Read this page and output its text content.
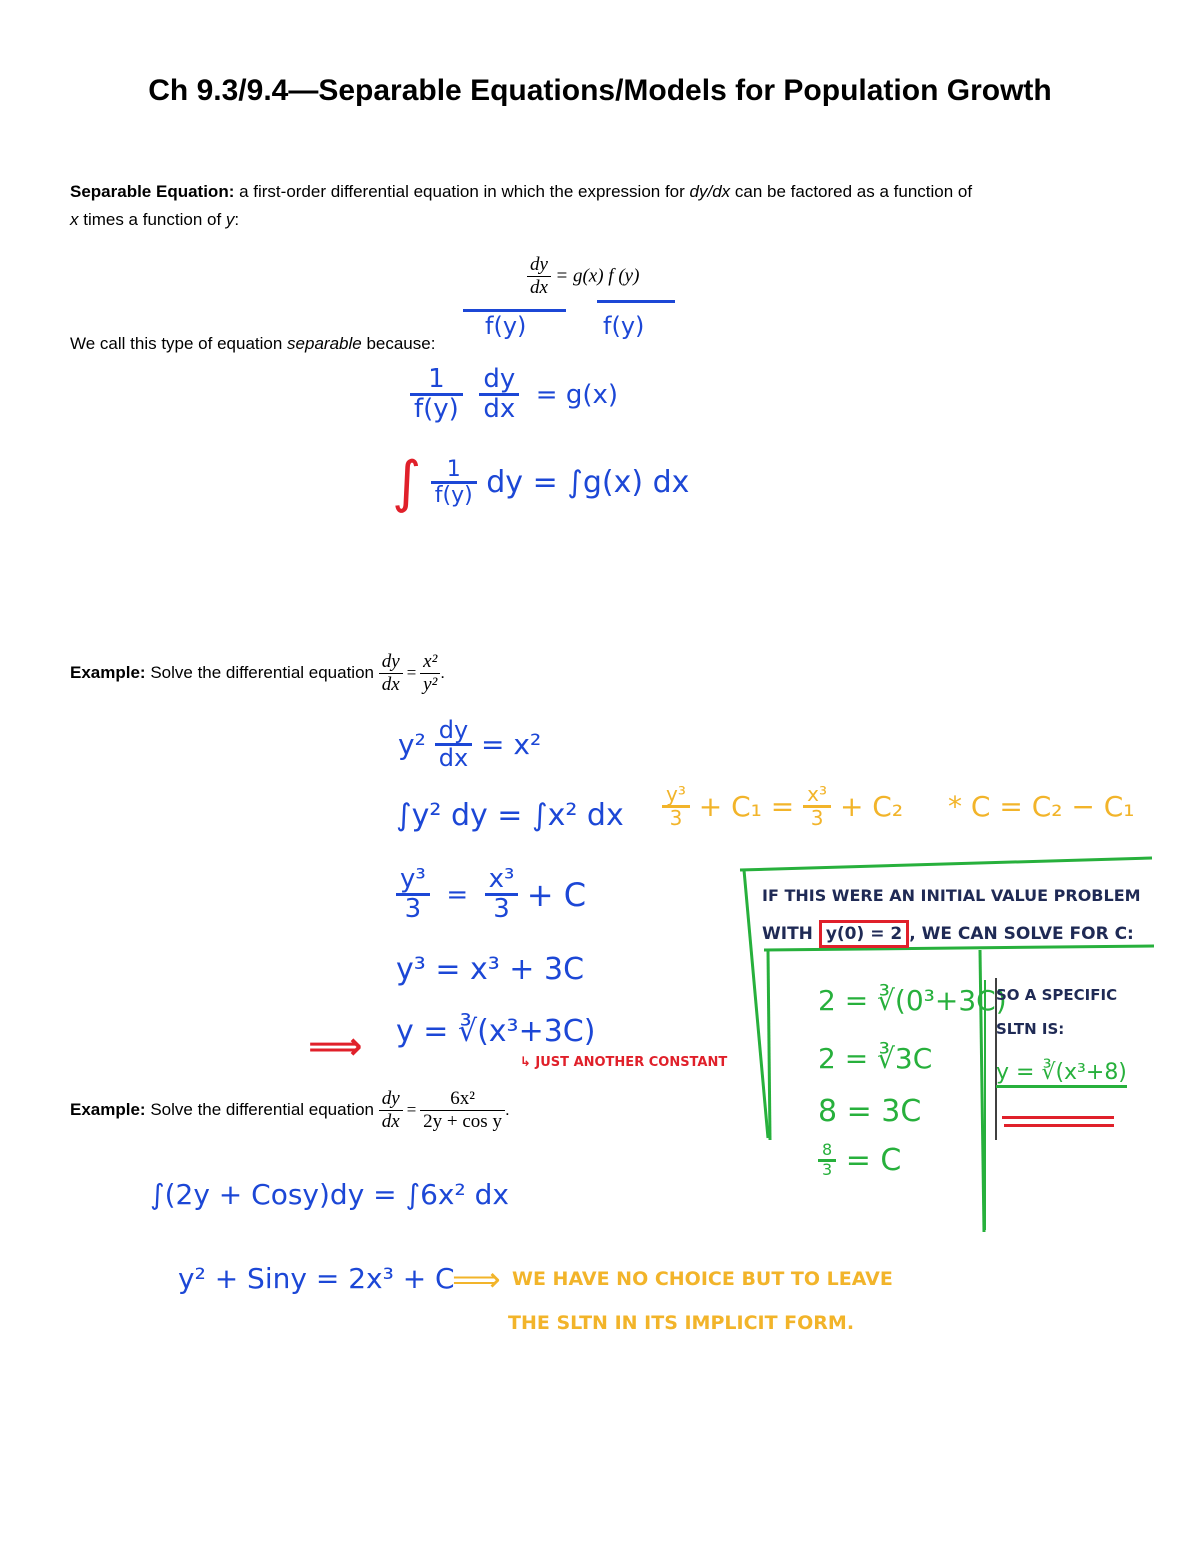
Ch 9.3/9.4—Separable Equations/Models for Population Growth
Separable Equation: a first-order differential equation in which the expression for dy/dx can be factored as a function of
x times a function of y:
$\frac{dy}{dx} = g(x)$ f (y)
f(y)	f(y)
We call this type of equation separable because:
$\frac{1}{f(y)}$
$\frac{dy}{dx} = g(x)$
∫ $\frac{1}{f(y)}$ dy = ∫g(x) dx
Example: Solve the differential equation $\frac{dy}{dx} = \frac{\text{x²}}{\text{y²}}$ .
$y^2 \frac{dy}{dx} = x^2$
∫y² dy = ∫x² dx
$\frac{\text{y³}}{3} = \frac{\text{x³}}{3} + C$
y³ = x³ + 3C
⟹ y = ∛(x³+3C)
↳ JUST ANOTHER CONSTANT
$\frac{\text{y³}}{3} + C_1 = \frac{\text{x³}}{3} + C_2 * C = C_2 - C_1$
IF THIS WERE AN INITIAL VALUE PROBLEM
WITH y(0) = 2 , WE CAN SOLVE FOR C:
2 = ∛(0³+3C)
2 = ∛3C
8 = 3C
$\frac{8}{3} = C$
SO A SPECIFIC
SLTN IS:
y = ∛(x³+8)
Example: Solve the differential equation $\frac{dy}{dx} = \frac{\text{6x²}}{\text{2y + cos y}}$ .
∫(2y + Cosy)dy = ∫6x² dx
y² + Siny = 2x³ + C
⟹ WE HAVE NO CHOICE BUT TO LEAVE
THE SLTN IN ITS IMPLICIT FORM.
